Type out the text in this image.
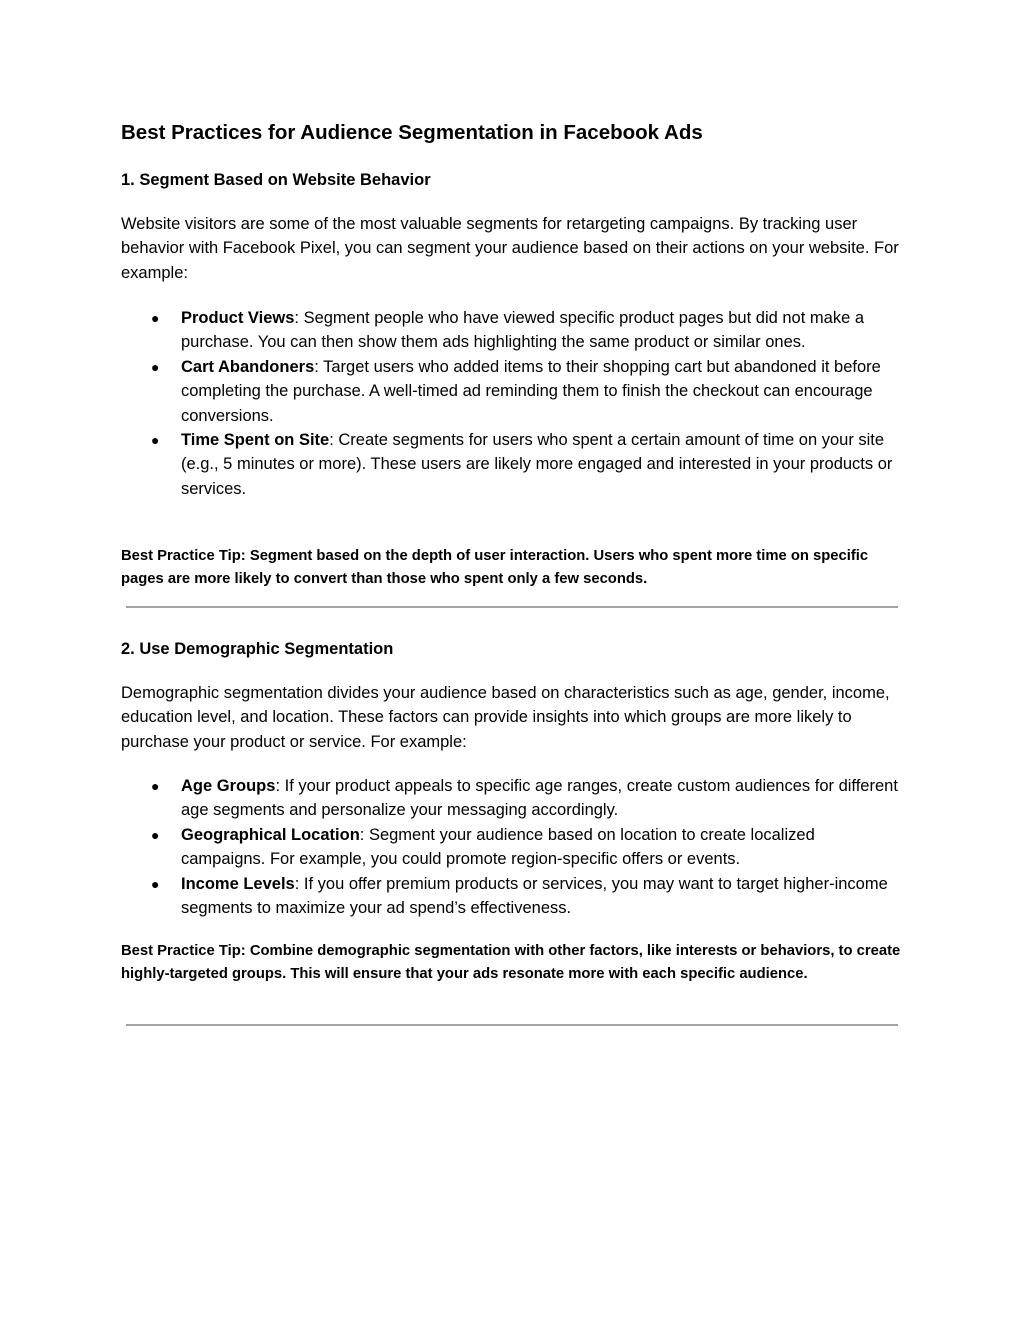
Best Practices for Audience Segmentation in Facebook Ads
1. Segment Based on Website Behavior

Website visitors are some of the most valuable segments for retargeting campaigns. By tracking user behavior with Facebook Pixel, you can segment your audience based on their actions on your website. For example:

● Product Views: Segment people who have viewed specific product pages but did not make a purchase. You can then show them ads highlighting the same product or similar ones.
● Cart Abandoners: Target users who added items to their shopping cart but abandoned it before completing the purchase. A well-timed ad reminding them to finish the checkout can encourage conversions.
● Time Spent on Site: Create segments for users who spent a certain amount of time on your site (e.g., 5 minutes or more). These users are likely more engaged and interested in your products or services.

Best Practice Tip: Segment based on the depth of user interaction. Users who spent more time on specific pages are more likely to convert than those who spent only a few seconds.

2. Use Demographic Segmentation

Demographic segmentation divides your audience based on characteristics such as age, gender, income, education level, and location. These factors can provide insights into which groups are more likely to purchase your product or service. For example:

● Age Groups: If your product appeals to specific age ranges, create custom audiences for different age segments and personalize your messaging accordingly.
● Geographical Location: Segment your audience based on location to create localized campaigns. For example, you could promote region-specific offers or events.
● Income Levels: If you offer premium products or services, you may want to target higher-income segments to maximize your ad spend’s effectiveness.

Best Practice Tip: Combine demographic segmentation with other factors, like interests or behaviors, to create highly-targeted groups. This will ensure that your ads resonate more with each specific audience.
